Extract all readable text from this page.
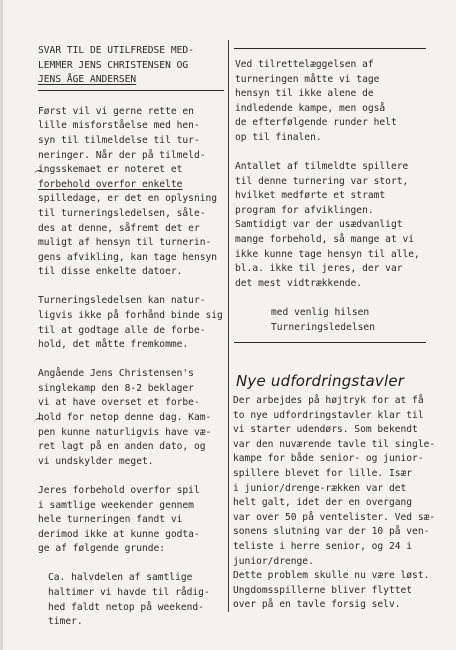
SVAR TIL DE UTILFREDSE MED-
LEMMER JENS CHRISTENSEN OG
JENS ÅGE ANDERSEN
Først vil vi gerne rette en
lille misforståelse med hen-
syn til tilmeldelse til tur-
neringer. Når der på tilmeld-
ingsskemaet er noteret et
forbehold overfor enkelte
spilledage, er det en oplysning
til turneringsledelsen, såle-
des at denne, såfremt det er
muligt af hensyn til turnerin-
gens afvikling, kan tage hensyn
til disse enkelte datoer.
Turneringsledelsen kan natur-
ligvis ikke på forhånd binde sig
til at godtage alle de forbe-
hold, det måtte fremkomme.
Angående Jens Christensen's
singlekamp den 8-2 beklager
vi at have overset et forbe-
hold for netop denne dag. Kam-
pen kunne naturligvis have væ-
ret lagt på en anden dato, og
vi undskylder meget.
Jeres forbehold overfor spil
i samtlige weekender gennem
hele turneringen fandt vi
derimod ikke at kunne godta-
ge af følgende grunde:
Ca. halvdelen af samtlige
haltimer vi havde til rådig-
hed faldt netop på weekend-
timer.
Ved tilrettelæggelsen af
turneringen måtte vi tage
hensyn til ikke alene de
indledende kampe, men også
de efterfølgende runder helt
op til finalen.
Antallet af tilmeldte spillere
til denne turnering var stort,
hvilket medførte et stramt
program for afviklingen.
Samtidigt var der usædvanligt
mange forbehold, så mange at vi
ikke kunne tage hensyn til alle,
bl.a. ikke til jeres, der var
det mest vidtrækkende.
med venlig hilsen
Turneringsledelsen
Nye udfordringstavler
Der arbejdes på højtryk for at få
to nye udfordringstavler klar til
vi starter udendørs. Som bekendt
var den nuværende tavle til single-
kampe for både senior- og junior-
spillere blevet for lille. Især
i junior/drenge-rækken var det
helt galt, idet der en overgang
var over 50 på ventelister. Ved sæ-
sonens slutning var der 10 på ven-
teliste i herre senior, og 24 i
junior/drenge.
Dette problem skulle nu være løst.
Ungdomsspillerne bliver flyttet
over på en tavle forsig selv.
